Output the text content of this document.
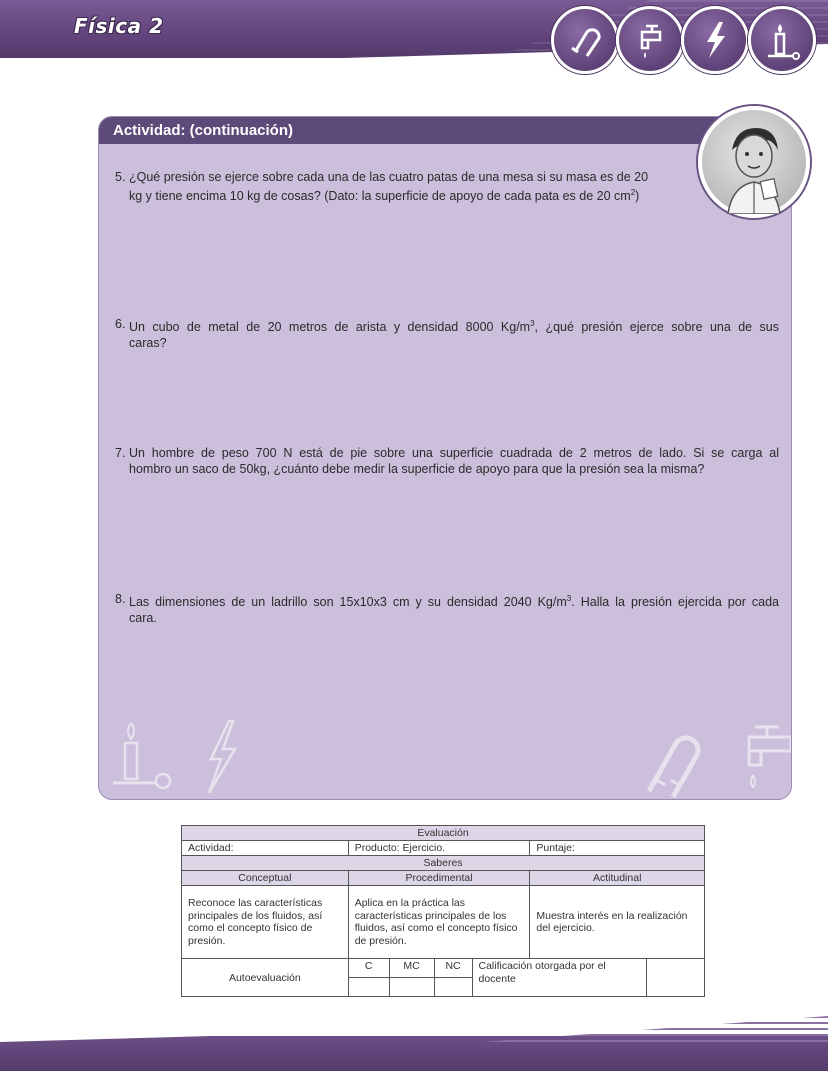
Física 2
Actividad: (continuación)
5. ¿Qué presión se ejerce sobre cada una de las cuatro patas de una mesa si su masa es de 20
kg y tiene encima 10 kg de cosas? (Dato: la superficie de apoyo de cada pata es de 20 $cm^2$)
6. Un cubo de metal de 20 metros de arista y densidad 8000 $Kg/m^3$, ¿qué presión ejerce sobre una de sus
caras?
7. Un hombre de peso 700 N está de pie sobre una superficie cuadrada de 2 metros de lado. Si se carga al
hombro un saco de 50kg, ¿cuánto debe medir la superficie de apoyo para que la presión sea la misma?
8. Las dimensiones de un ladrillo son 15x10x3 cm y su densidad 2040 $Kg/m^3$. Halla la presión ejercida por cada
cara.
Evaluación						
Actividad:	Producto: Ejercicio.				Puntaje:	
Saberes						
Conceptual	Procedimental				Actitudinal	
Reconoce las características principales de los fluidos, así como el concepto físico de presión.	Aplica en la práctica las características principales de los fluidos, así como el concepto físico de presión.				Muestra interés en la realización del ejercicio.	
Autoevaluación	C	MC	NC	Calificación otorgada por el docente		
